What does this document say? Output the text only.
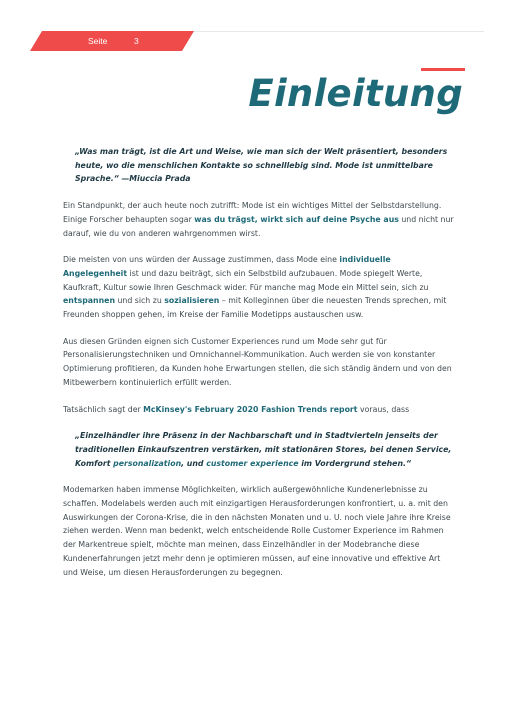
Seite	3
Einleitung

„Was man trägt, ist die Art und Weise, wie man sich der Welt präsentiert, besonders heute, wo die menschlichen Kontakte so schnelllebig sind. Mode ist unmittelbare Sprache.“ —Miuccia Prada

Ein Standpunkt, der auch heute noch zutrifft: Mode ist ein wichtiges Mittel der Selbstdarstellung. Einige Forscher behaupten sogar was du trägst, wirkt sich auf deine Psyche aus und nicht nur darauf, wie du von anderen wahrgenommen wirst.

Die meisten von uns würden der Aussage zustimmen, dass Mode eine individuelle Angelegenheit ist und dazu beiträgt, sich ein Selbstbild aufzubauen. Mode spiegelt Werte, Kaufkraft, Kultur sowie Ihren Geschmack wider. Für manche mag Mode ein Mittel sein, sich zu entspannen und sich zu sozialisieren – mit Kolleginnen über die neuesten Trends sprechen, mit Freunden shoppen gehen, im Kreise der Familie Modetipps austauschen usw.

Aus diesen Gründen eignen sich Customer Experiences rund um Mode sehr gut für Personalisierungstechniken und Omnichannel-Kommunikation. Auch werden sie von konstanter Optimierung profitieren, da Kunden hohe Erwartungen stellen, die sich ständig ändern und von den Mitbewerbern kontinuierlich erfüllt werden.

Tatsächlich sagt der McKinsey's February 2020 Fashion Trends report voraus, dass

„Einzelhändler ihre Präsenz in der Nachbarschaft und in Stadtvierteln jenseits der traditionellen Einkaufszentren verstärken, mit stationären Stores, bei denen Service, Komfort personalization, und customer experience im Vordergrund stehen.“

Modemarken haben immense Möglichkeiten, wirklich außergewöhnliche Kundenerlebnisse zu schaffen. Modelabels werden auch mit einzigartigen Herausforderungen konfrontiert, u. a. mit den Auswirkungen der Corona-Krise, die in den nächsten Monaten und u. U. noch viele Jahre ihre Kreise ziehen werden. Wenn man bedenkt, welch entscheidende Rolle Customer Experience im Rahmen der Markentreue spielt, möchte man meinen, dass Einzelhändler in der Modebranche diese Kundenerfahrungen jetzt mehr denn je optimieren müssen, auf eine innovative und effektive Art und Weise, um diesen Herausforderungen zu begegnen.
